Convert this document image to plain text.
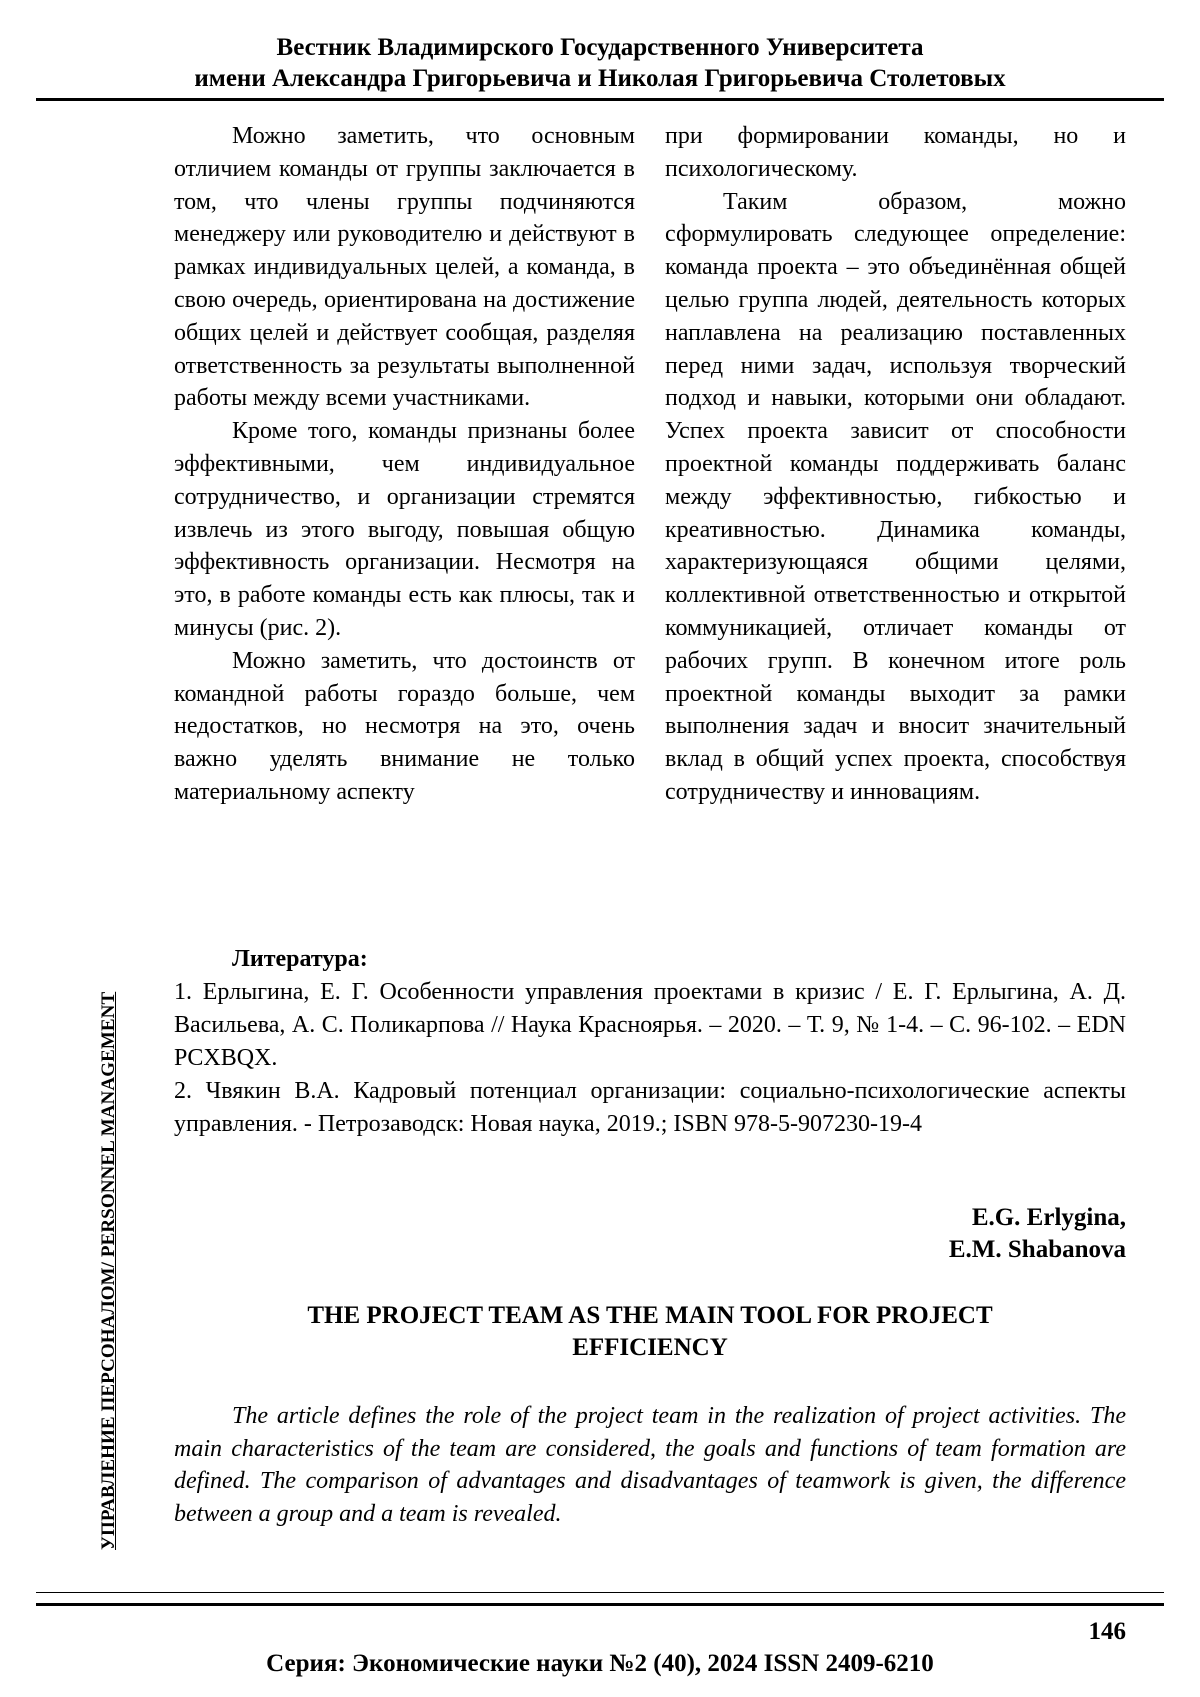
Вестник Владимирского Государственного Университета
имени Александра Григорьевича и Николая Григорьевича Столетовых

Можно заметить, что основным отличием команды от группы заключается в том, что члены группы подчиняются менеджеру или руководителю и действуют в рамках индивидуальных целей, а команда, в свою очередь, ориентирована на достижение общих целей и действует сообщая, разделяя ответственность за результаты выполненной работы между всеми участниками.

Кроме того, команды признаны более эффективными, чем индивидуальное сотрудничество, и организации стремятся извлечь из этого выгоду, повышая общую эффективность организации. Несмотря на это, в работе команды есть как плюсы, так и минусы (рис. 2).

Можно заметить, что достоинств от командной работы гораздо больше, чем недостатков, но несмотря на это, очень важно уделять внимание не только материальному аспекту

при формировании команды, но и психологическому.

Таким образом, можно сформулировать следующее определение: команда проекта – это объединённая общей целью группа людей, деятельность которых наплавлена на реализацию поставленных перед ними задач, используя творческий подход и навыки, которыми они обладают. Успех проекта зависит от способности проектной команды поддерживать баланс между эффективностью, гибкостью и креативностью. Динамика команды, характеризующаяся общими целями, коллективной ответственностью и открытой коммуникацией, отличает команды от рабочих групп. В конечном итоге роль проектной команды выходит за рамки выполнения задач и вносит значительный вклад в общий успех проекта, способствуя сотрудничеству и инновациям.

Литература:

1. Ерлыгина, Е. Г. Особенности управления проектами в кризис / Е. Г. Ерлыгина, А. Д. Васильева, А. С. Поликарпова // Наука Красноярья. – 2020. – Т. 9, № 1-4. – С. 96-102. – EDN PCXBQX.

2. Чвякин В.А. Кадровый потенциал организации: социально-психологические аспекты управления. - Петрозаводск: Новая наука, 2019.; ISBN 978-5-907230-19-4

E.G. Erlygina,
E.M. Shabanova
THE PROJECT TEAM AS THE MAIN TOOL FOR PROJECT
EFFICIENCY

The article defines the role of the project team in the realization of project activities. The main characteristics of the team are considered, the goals and functions of team formation are defined. The comparison of advantages and disadvantages of teamwork is given, the difference between a group and a team is revealed.

УПРАВЛЕНИЕ ПЕРСОНАЛОМ/ PERSONNEL MANAGEMENT
146
Серия: Экономические науки №2 (40), 2024 ISSN 2409-6210
